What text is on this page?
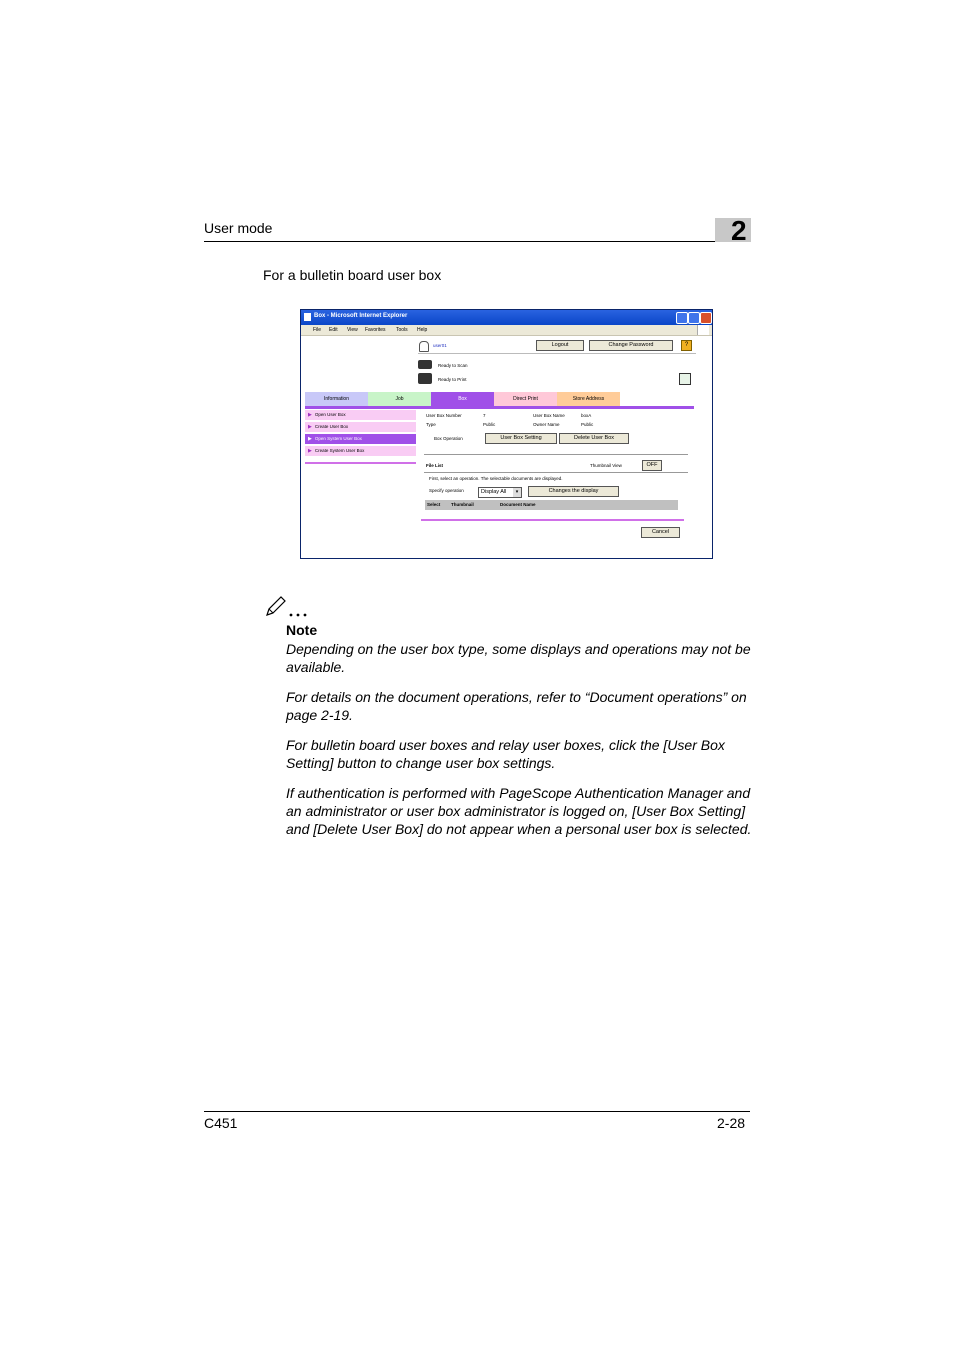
User mode	2
For a bulletin board user box
Box - Microsoft Internet Explorer
File Edit View Favorites Tools Help
user01	Logout	Change Password	?
Ready to Scan
Ready to Print
Information	Job	Box	Direct Print	Store Address
▶ Open User Box
▶ Create User Box
▶ Open System User Box
▶ Create System User Box
User Box Number	7	User Box Name	boxA
Type	Public	Owner Name	Public
Box Operation	User Box Setting	Delete User Box
File List	Thumbnail View	OFF
First, select an operation. The selectable documents are displayed.
Specify operation	Display All	▾	Changes the display
Select Thumbnail	Document Name
Cancel
Note
Depending on the user box type, some displays and operations may not be available.
For details on the document operations, refer to “Document operations” on page 2-19.
For bulletin board user boxes and relay user boxes, click the [User Box Setting] button to change user box settings.
If authentication is performed with PageScope Authentication Manager and an administrator or user box administrator is logged on, [User Box Setting] and [Delete User Box] do not appear when a personal user box is selected.
C451	2-28
